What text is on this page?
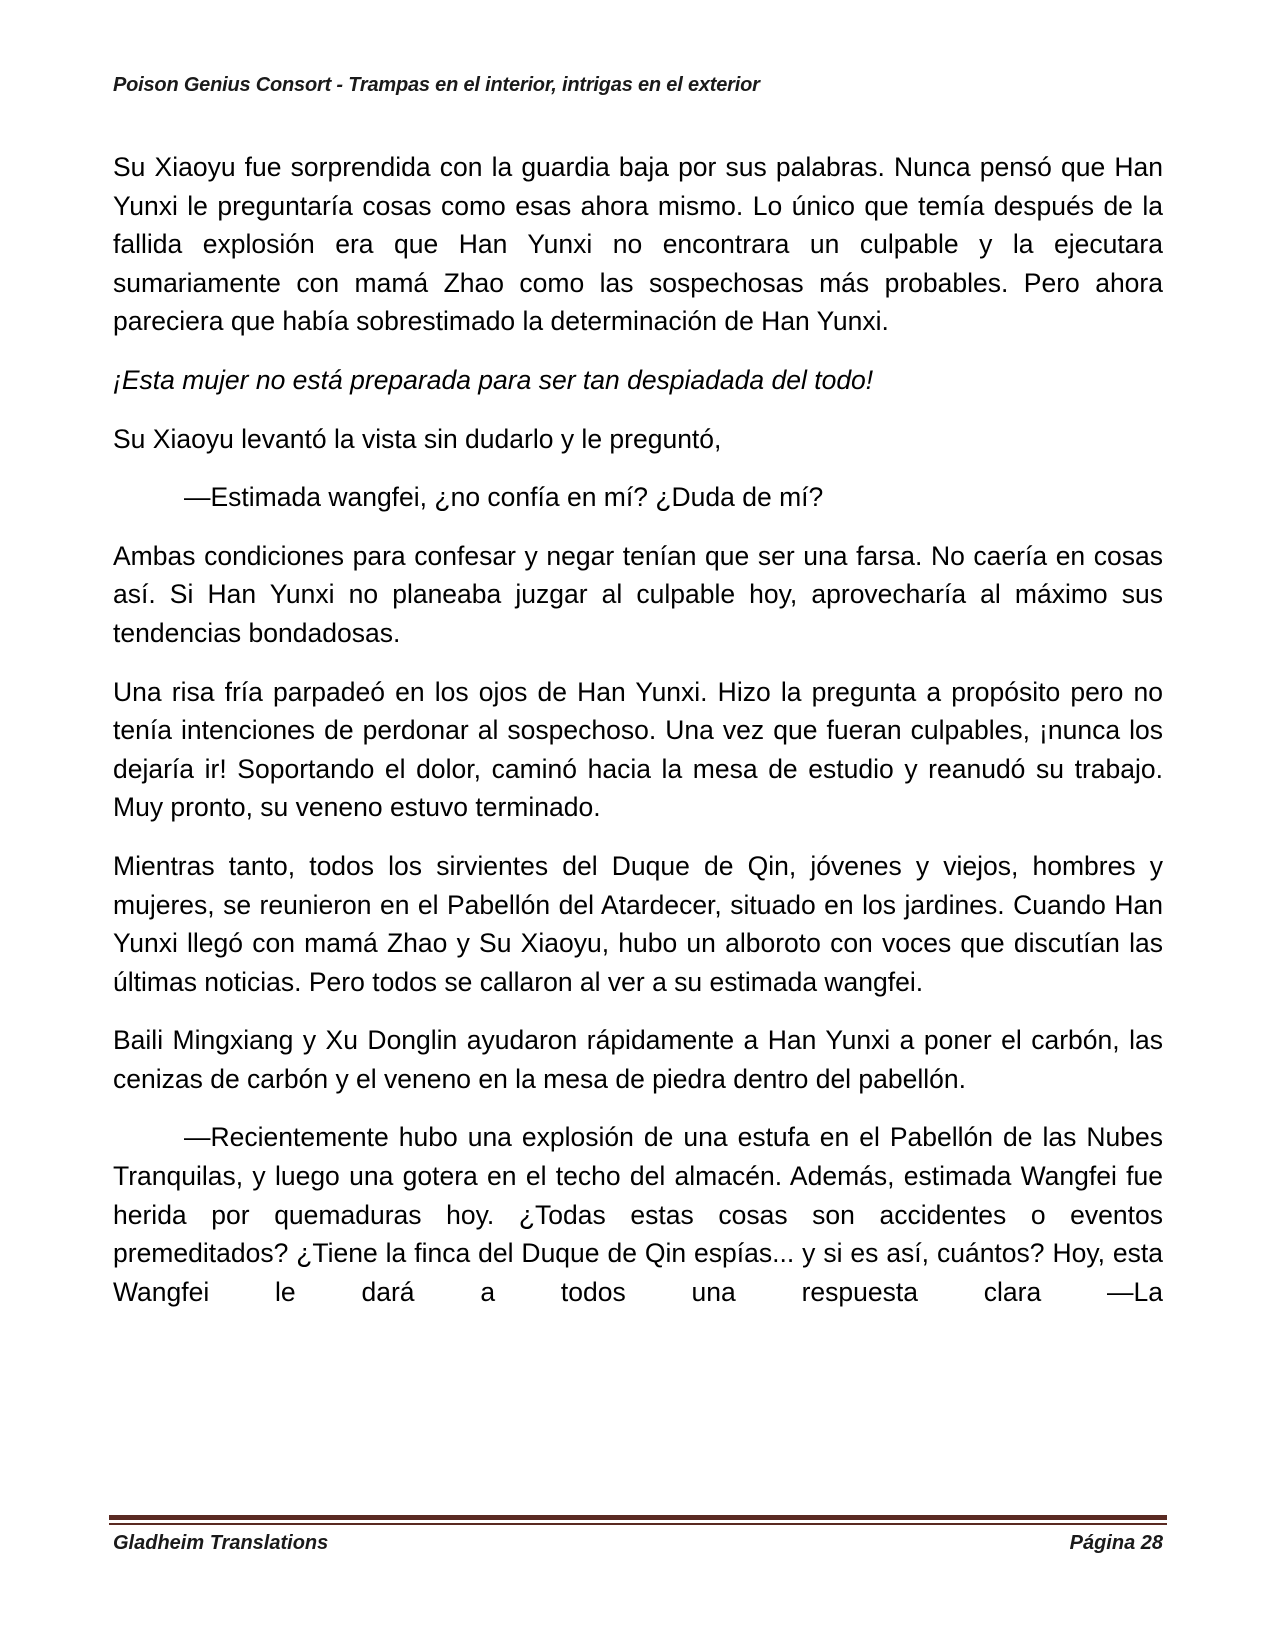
Poison Genius Consort - Trampas en el interior, intrigas en el exterior

Su Xiaoyu fue sorprendida con la guardia baja por sus palabras. Nunca pensó que Han Yunxi le preguntaría cosas como esas ahora mismo. Lo único que temía después de la fallida explosión era que Han Yunxi no encontrara un culpable y la ejecutara sumariamente con mamá Zhao como las sospechosas más probables. Pero ahora pareciera que había sobrestimado la determinación de Han Yunxi.

¡Esta mujer no está preparada para ser tan despiadada del todo!

Su Xiaoyu levantó la vista sin dudarlo y le preguntó,

—Estimada wangfei, ¿no confía en mí? ¿Duda de mí?

Ambas condiciones para confesar y negar tenían que ser una farsa. No caería en cosas así. Si Han Yunxi no planeaba juzgar al culpable hoy, aprovecharía al máximo sus tendencias bondadosas.

Una risa fría parpadeó en los ojos de Han Yunxi. Hizo la pregunta a propósito pero no tenía intenciones de perdonar al sospechoso. Una vez que fueran culpables, ¡nunca los dejaría ir! Soportando el dolor, caminó hacia la mesa de estudio y reanudó su trabajo. Muy pronto, su veneno estuvo terminado.

Mientras tanto, todos los sirvientes del Duque de Qin, jóvenes y viejos, hombres y mujeres, se reunieron en el Pabellón del Atardecer, situado en los jardines. Cuando Han Yunxi llegó con mamá Zhao y Su Xiaoyu, hubo un alboroto con voces que discutían las últimas noticias. Pero todos se callaron al ver a su estimada wangfei.

Baili Mingxiang y Xu Donglin ayudaron rápidamente a Han Yunxi a poner el carbón, las cenizas de carbón y el veneno en la mesa de piedra dentro del pabellón.

—Recientemente hubo una explosión de una estufa en el Pabellón de las Nubes Tranquilas, y luego una gotera en el techo del almacén. Además, estimada Wangfei fue herida por quemaduras hoy. ¿Todas estas cosas son accidentes o eventos premeditados? ¿Tiene la finca del Duque de Qin espías... y si es así, cuántos? Hoy, esta Wangfei le dará a todos una respuesta clara —La

Gladheim Translations	Página 28
